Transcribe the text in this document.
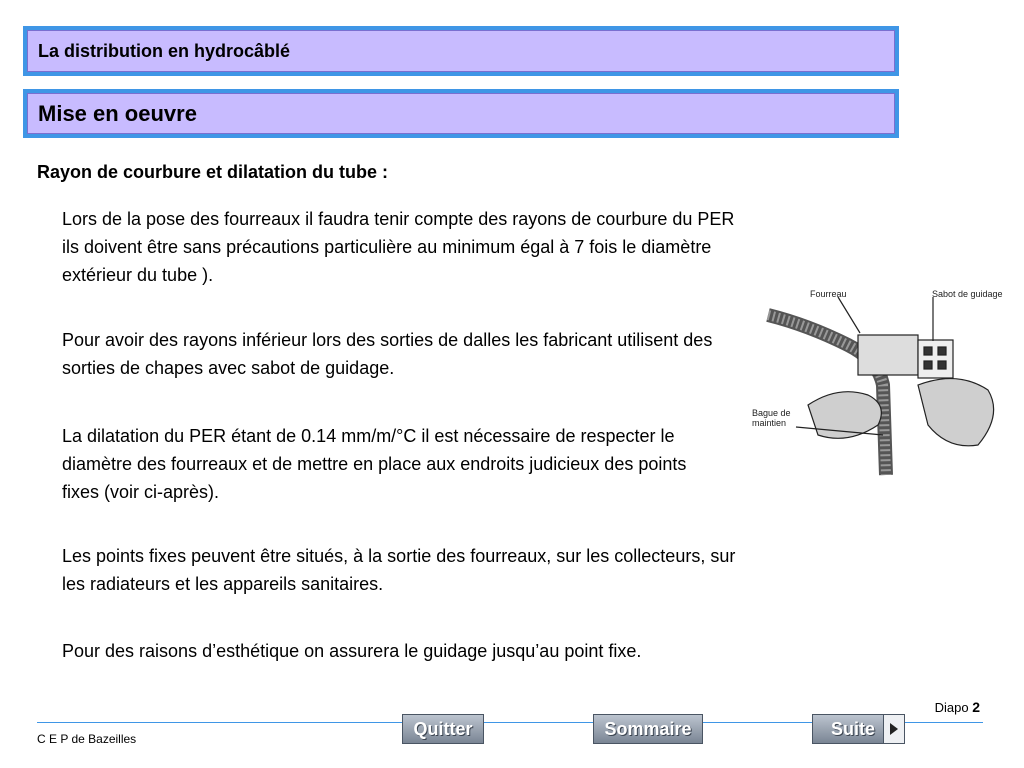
La distribution en hydrocâblé
Mise en oeuvre
Rayon de courbure et dilatation du tube :
Lors de la pose des fourreaux il faudra tenir compte des rayons de courbure du PER ils doivent être sans précautions particulière au minimum égal à 7 fois le diamètre extérieur du tube ).
Pour avoir des rayons inférieur lors des sorties de dalles les fabricant utilisent des sorties de chapes avec sabot de guidage.
La dilatation du PER étant de 0.14 mm/m/°C il est nécessaire de respecter le diamètre des fourreaux et de mettre en place aux endroits judicieux des points fixes (voir ci-après).
Les points fixes peuvent être situés, à la sortie des fourreaux, sur les collecteurs, sur les radiateurs et les appareils sanitaires.
Pour des raisons d’esthétique on assurera le guidage jusqu’au point fixe.
Fourreau	Sabot de guidage
Bague de maintien
Diapo 2
C E P de Bazeilles
Quitter	Sommaire	Suite
